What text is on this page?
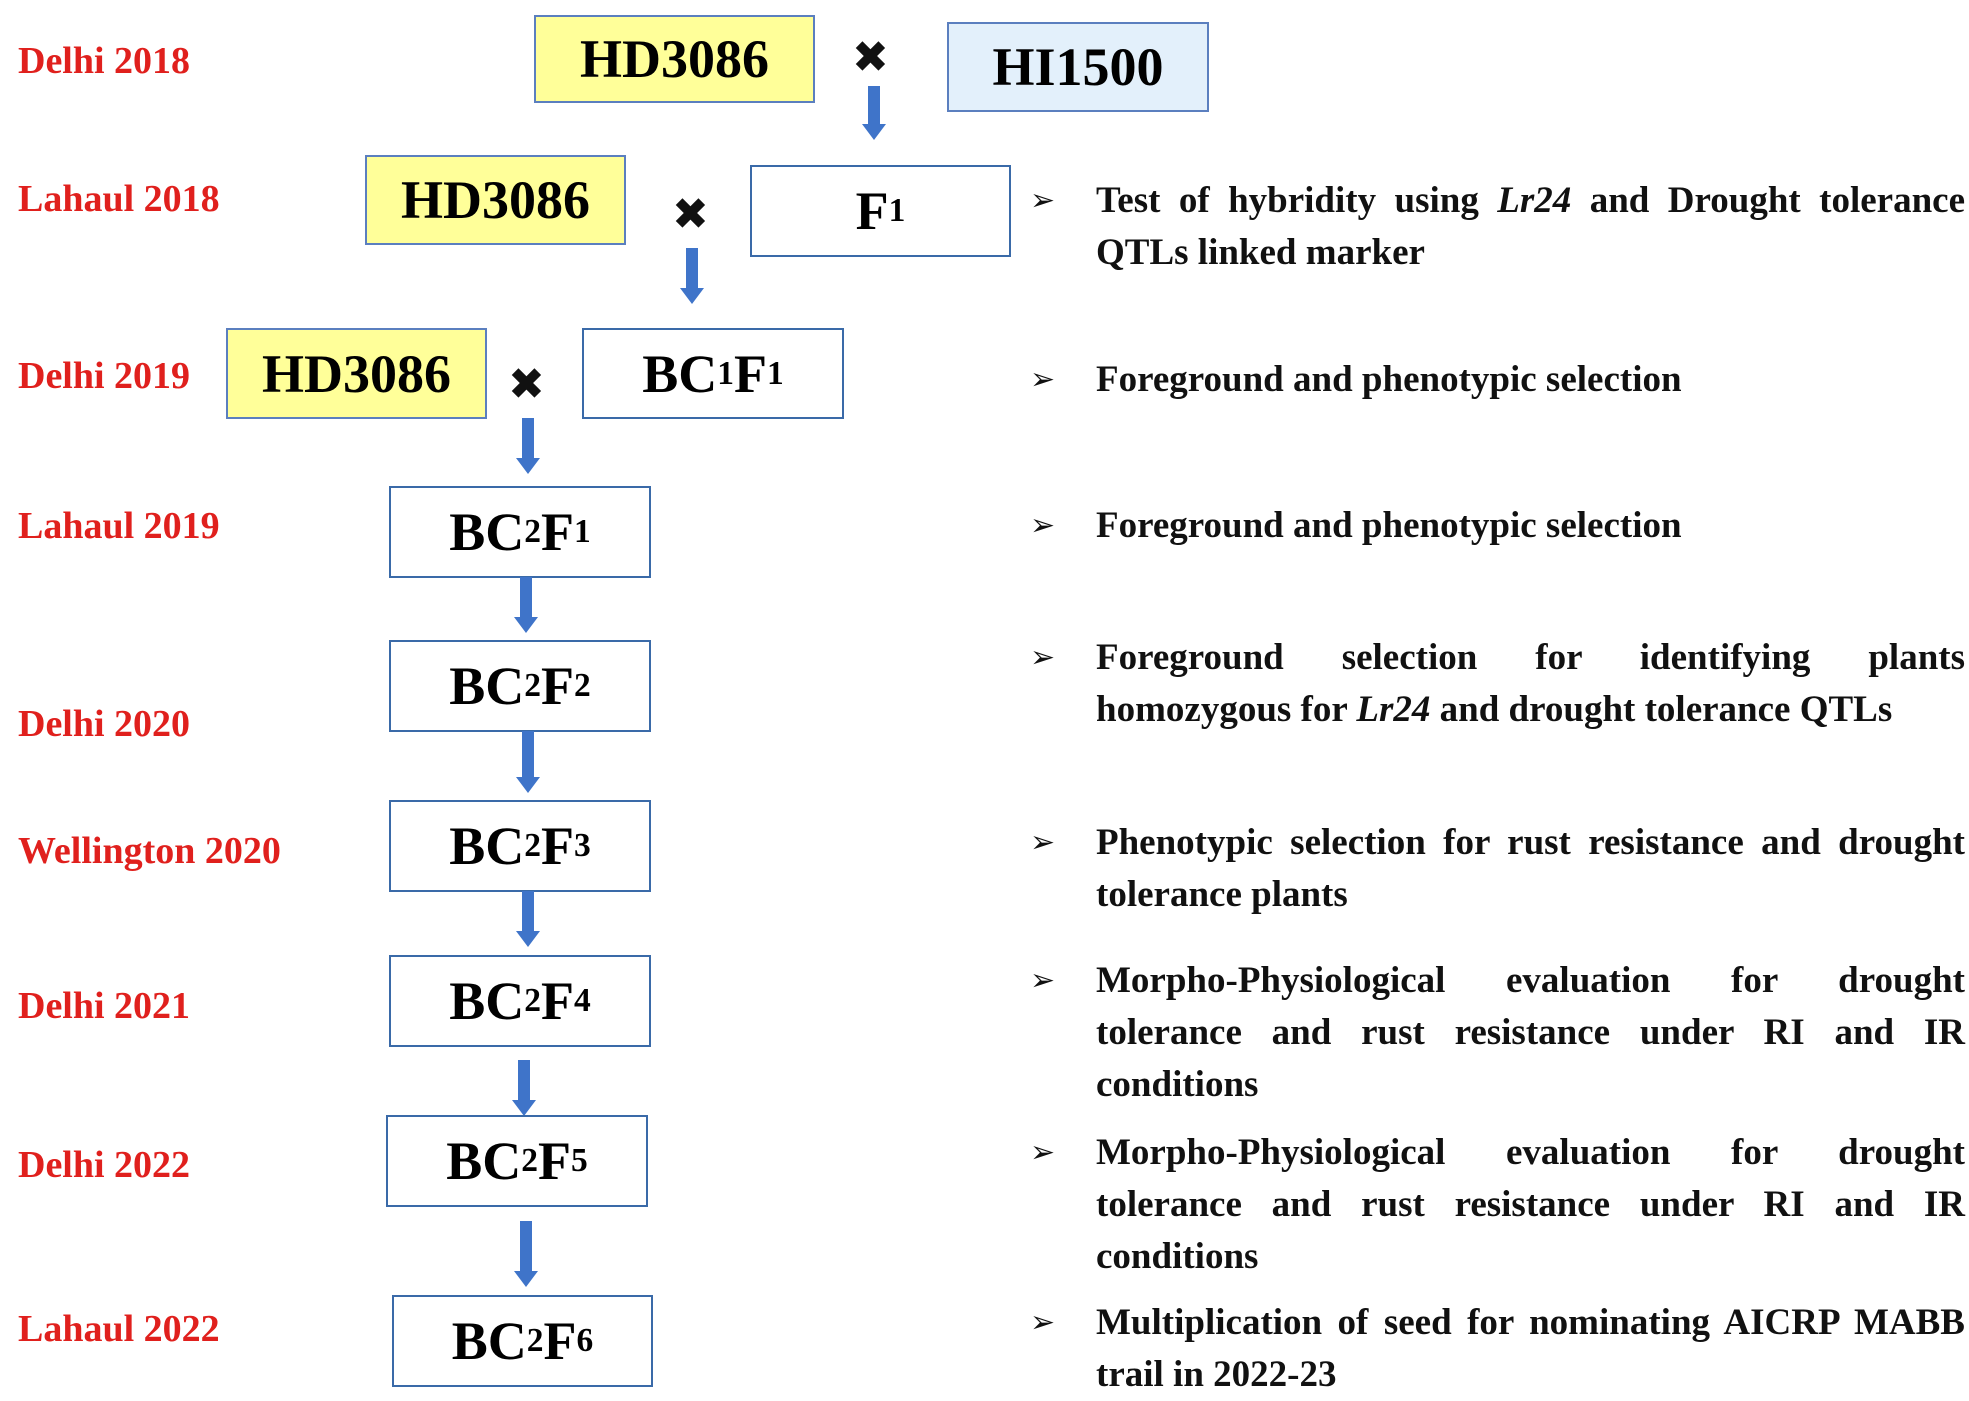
Delhi 2018
Lahaul 2018
Delhi 2019
Lahaul 2019
Delhi 2020
Wellington 2020
Delhi 2021
Delhi 2022
Lahaul 2022
HD3086 ✖ HI1500
HD3086 ✖	F 1
HD3086 ✖ BC 1 F 1
BC 2 F 1
BC 2 F 2
BC 2 F 3
BC 2 F 4
BC 2 F 5
BC 2 F 6
➢ Test of hybridity using Lr24 and Drought tolerance QTLs linked marker
➢ Foreground and phenotypic selection
➢ Foreground and phenotypic selection
➢ Foreground selection for identifying plants homozygous for Lr24 and drought tolerance QTLs
➢ Phenotypic selection for rust resistance and drought tolerance plants
➢ Morpho-Physiological evaluation for drought tolerance and rust resistance under RI and IR conditions
➢ Morpho-Physiological evaluation for drought tolerance and rust resistance under RI and IR conditions
➢ Multiplication of seed for nominating AICRP MABB trail in 2022-23
